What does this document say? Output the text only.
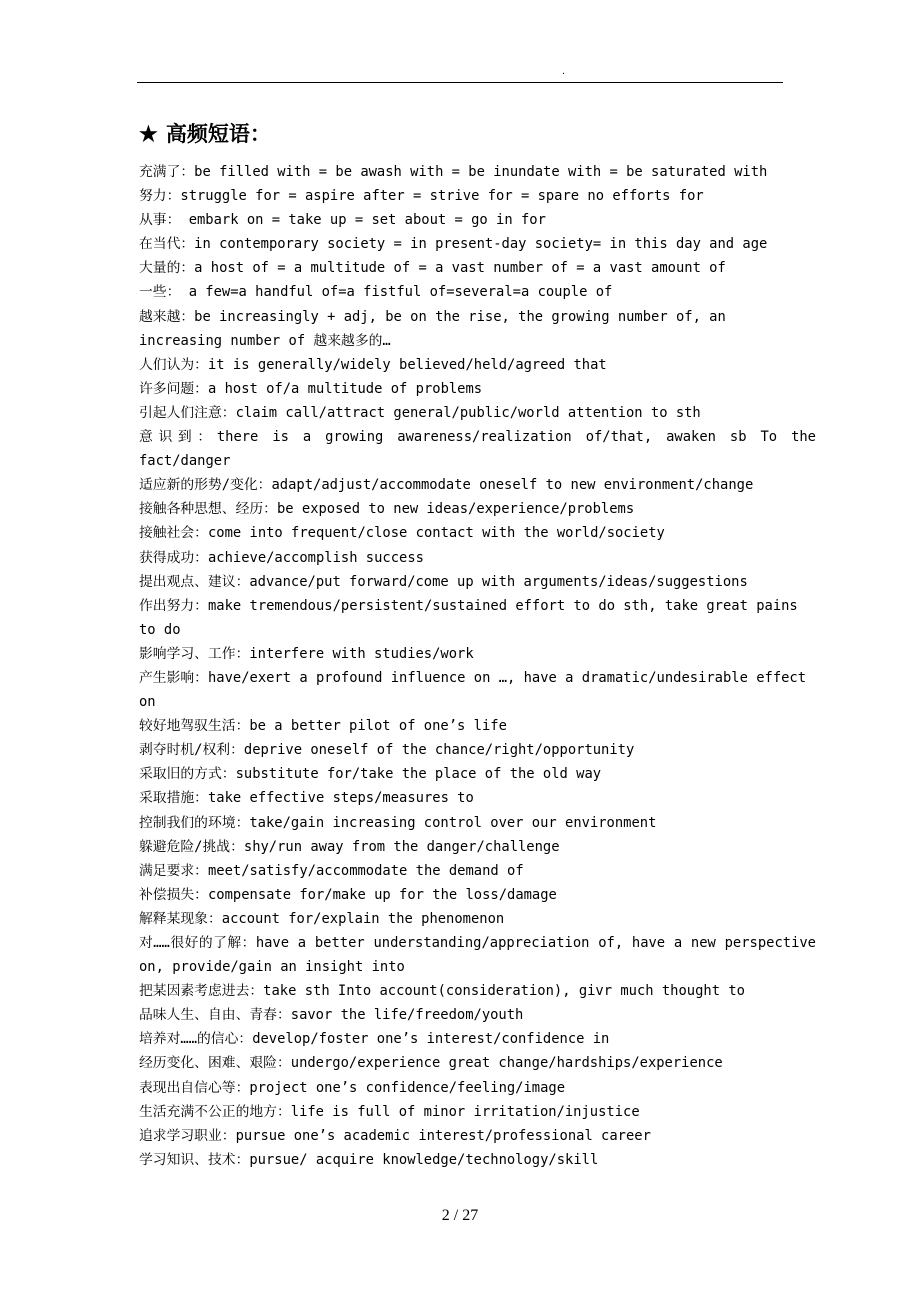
.
★ 高频短语：
充满了：be filled with = be awash with = be inundate with = be saturated with
努力：struggle for = aspire after = strive for = spare no efforts for
从事： embark on = take up = set about = go in for
在当代：in contemporary society = in present-day society= in this day and age
大量的：a host of = a multitude of = a vast number of = a vast amount of
一些： a few=a handful of=a fistful of=several=a couple of
越来越：be increasingly + adj, be on the rise, the growing number of, an increasing number of 越来越多的…
人们认为：it is generally/widely believed/held/agreed that
许多问题：a host of/a multitude of problems
引起人们注意：claim call/attract general/public/world attention to sth
意识到：there is a growing awareness/realization of/that, awaken sb To the fact/danger
适应新的形势/变化：adapt/adjust/accommodate oneself to new environment/change
接触各种思想、经历：be exposed to new ideas/experience/problems
接触社会：come into frequent/close contact with the world/society
获得成功：achieve/accomplish success
提出观点、建议：advance/put forward/come up with arguments/ideas/suggestions
作出努力：make tremendous/persistent/sustained effort to do sth, take great pains to do
影响学习、工作：interfere with studies/work
产生影响：have/exert a profound influence on …, have a dramatic/undesirable effect on
较好地驾驭生活：be a better pilot of one’s life
剥夺时机/权利：deprive oneself of the chance/right/opportunity
采取旧的方式：substitute for/take the place of the old way
采取措施：take effective steps/measures to
控制我们的环境：take/gain increasing control over our environment
躲避危险/挑战：shy/run away from the danger/challenge
满足要求：meet/satisfy/accommodate the demand of
补偿损失：compensate for/make up for the loss/damage
解释某现象：account for/explain the phenomenon
对……很好的了解：have a better understanding/appreciation of, have a new perspective on, provide/gain an insight into
把某因素考虑进去：take sth Into account(consideration), givr much thought to
品味人生、自由、青春：savor the life/freedom/youth
培养对……的信心：develop/foster one’s interest/confidence in
经历变化、困难、艰险：undergo/experience great change/hardships/experience
表现出自信心等：project one’s confidence/feeling/image
生活充满不公正的地方：life is full of minor irritation/injustice
追求学习职业：pursue one’s academic interest/professional career
学习知识、技术：pursue/ acquire knowledge/technology/skill
2 / 27
